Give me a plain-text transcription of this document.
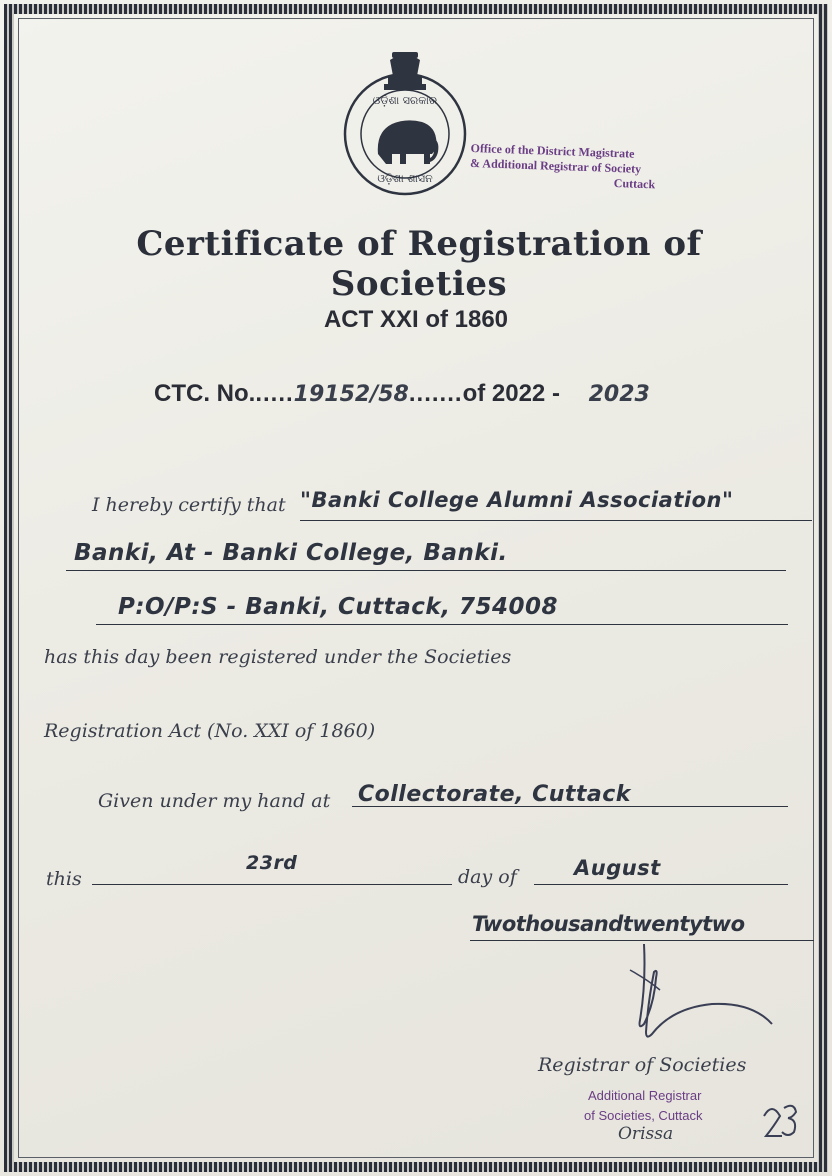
ଓଡ଼ିଶା ସରକାର
ଓଡ଼ିଶା ଶାସନ
Office of the District Magistrate
& Additional Registrar of Society
Cuttack
Certificate of Registration of Societies
ACT XXI of 1860
CTC. No......19152/58.......of 2022 - 2023
I hereby certify that "Banki College Alumni Association"
Banki, At - Banki College, Banki.
P:O/P:S - Banki, Cuttack, 754008
has this day been registered under the Societies
Registration Act (No. XXI of 1860)
Given under my hand at Collectorate, Cuttack
this
23rd
day of	August
Twothousandtwentytwo
Registrar of Societies
Additional Registrar
of Societies, Cuttack
Orissa
